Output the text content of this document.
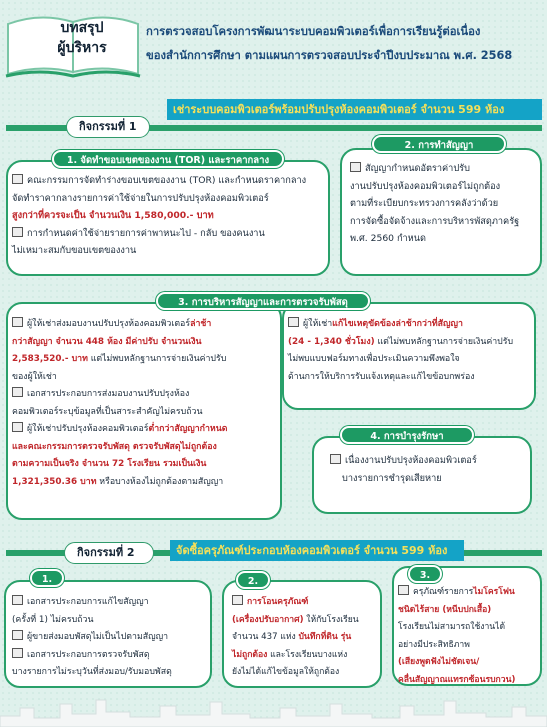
บทสรุป
ผู้บริหาร
การตรวจสอบโครงการพัฒนาระบบคอมพิวเตอร์เพื่อการเรียนรู้ต่อเนื่อง
ของสำนักการศึกษา ตามแผนการตรวจสอบประจำปีงบประมาณ พ.ศ. 2568
เช่าระบบคอมพิวเตอร์พร้อมปรับปรุงห้องคอมพิวเตอร์ จำนวน 599 ห้อง
กิจกรรมที่ 1
1. จัดทำขอบเขตของงาน (TOR) และราคากลาง
คณะกรรมการจัดทำร่างขอบเขตของงาน (TOR) และกำหนดราคากลาง
จัดทำราคากลางรายการค่าใช้จ่ายในการปรับปรุงห้องคอมพิวเตอร์
สูงกว่าที่ควรจะเป็น จำนวนเงิน 1,580,000.- บาท
การกำหนดค่าใช้จ่ายรายการค่าพาหนะไป - กลับ ของคนงาน
ไม่เหมาะสมกับขอบเขตของงาน
2. การทำสัญญา
สัญญากำหนดอัตราค่าปรับ
งานปรับปรุงห้องคอมพิวเตอร์ไม่ถูกต้อง
ตามที่ระเบียบกระทรวงการคลังว่าด้วย
การจัดซื้อจัดจ้างและการบริหารพัสดุภาครัฐ
พ.ศ. 2560 กำหนด
3. การบริหารสัญญาและการตรวจรับพัสดุ
ผู้ให้เช่าส่งมอบงานปรับปรุงห้องคอมพิวเตอร์ล่าช้า
กว่าสัญญา จำนวน 448 ห้อง มีค่าปรับ จำนวนเงิน
2,583,520.- บาท แต่ไม่พบหลักฐานการจ่ายเงินค่าปรับ
ของผู้ให้เช่า
เอกสารประกอบการส่งมอบงานปรับปรุงห้อง
คอมพิวเตอร์ระบุข้อมูลที่เป็นสาระสำคัญไม่ครบถ้วน
ผู้ให้เช่าปรับปรุงห้องคอมพิวเตอร์ต่ำกว่าสัญญากำหนด
และคณะกรรมการตรวจรับพัสดุ ตรวจรับพัสดุไม่ถูกต้อง
ตามความเป็นจริง จำนวน 72 โรงเรียน รวมเป็นเงิน
1,321,350.36 บาท หรือบางห้องไม่ถูกต้องตามสัญญา
ผู้ให้เช่าแก้ไขเหตุขัดข้องล่าช้ากว่าที่สัญญา
(24 - 1,340 ชั่วโมง) แต่ไม่พบหลักฐานการจ่ายเงินค่าปรับ
ไม่พบแบบฟอร์มทางเพื่อประเมินความพึงพอใจ
ด้านการให้บริการรับแจ้งเหตุและแก้ไขข้อบกพร่อง
4. การบำรุงรักษา
เนื่องงานปรับปรุงห้องคอมพิวเตอร์
บางรายการชำรุดเสียหาย
กิจกรรมที่ 2	จัดซื้อครุภัณฑ์ประกอบห้องคอมพิวเตอร์ จำนวน 599 ห้อง
1.
เอกสารประกอบการแก้ไขสัญญา
(ครั้งที่ 1) ไม่ครบถ้วน
ผู้ขายส่งมอบพัสดุไม่เป็นไปตามสัญญา
เอกสารประกอบการตรวจรับพัสดุ
บางรายการไม่ระบุวันที่ส่งมอบ/รับมอบพัสดุ
2.
การโอนครุภัณฑ์
(เครื่องปรับอากาศ) ให้กับโรงเรียน
จำนวน 437 แห่ง บันทึกที่ดิน รุ่น
ไม่ถูกต้อง และโรงเรียนบางแห่ง
ยังไม่ได้แก้ไขข้อมูลให้ถูกต้อง
3.
ครุภัณฑ์รายการไมโครโฟน
ชนิดไร้สาย (หนีบปกเสื้อ)
โรงเรียนไม่สามารถใช้งานได้
อย่างมีประสิทธิภาพ
(เสียงพูดฟังไม่ชัดเจน/
คลื่นสัญญาณแทรกซ้อนรบกวน)
